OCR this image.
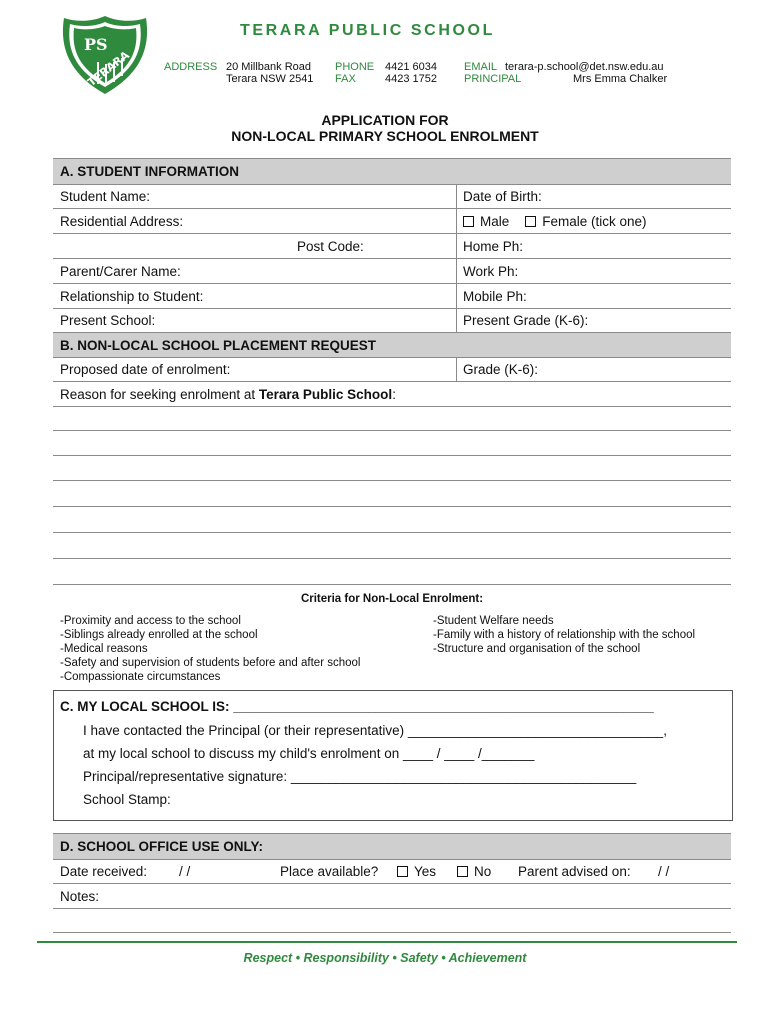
PS
TERARA
TERARA PUBLIC SCHOOL
ADDRESS 20 Millbank Road
Terara NSW 2541
PHONE 4421 6034
FAX	4423 1752
EMAIL terara-p.school@det.nsw.edu.au
PRINCIPAL	Mrs Emma Chalker
APPLICATION FOR
NON-LOCAL PRIMARY SCHOOL ENROLMENT
A. STUDENT INFORMATION
Student Name:	Date of Birth:
Residential Address:	Male Female (tick one)
Post Code:	Home Ph:
Parent/Carer Name:	Work Ph:
Relationship to Student:	Mobile Ph:
Present School:	Present Grade (K-6):
B. NON-LOCAL SCHOOL PLACEMENT REQUEST
Proposed date of enrolment:	Grade (K-6):
Reason for seeking enrolment at
Terara Public School :
Criteria for Non-Local Enrolment:
-Proximity and access to the school
-Siblings already enrolled at the school
-Medical reasons
-Safety and supervision of students before and after school
-Compassionate circumstances
-Student Welfare needs
-Family with a history of relationship with the school
-Structure and organisation of the school
C. MY LOCAL SCHOOL IS: ________________________________________________________
I have contacted the Principal (or their representative) __________________________________,
at my local school to discuss my child's enrolment on ____ / ____ /_______
Principal/representative signature: ______________________________________________
School Stamp:
D. SCHOOL OFFICE USE ONLY:
Date received: / /	Place available?	Yes	No Parent advised on: / /
Notes:
Respect • Responsibility • Safety • Achievement
